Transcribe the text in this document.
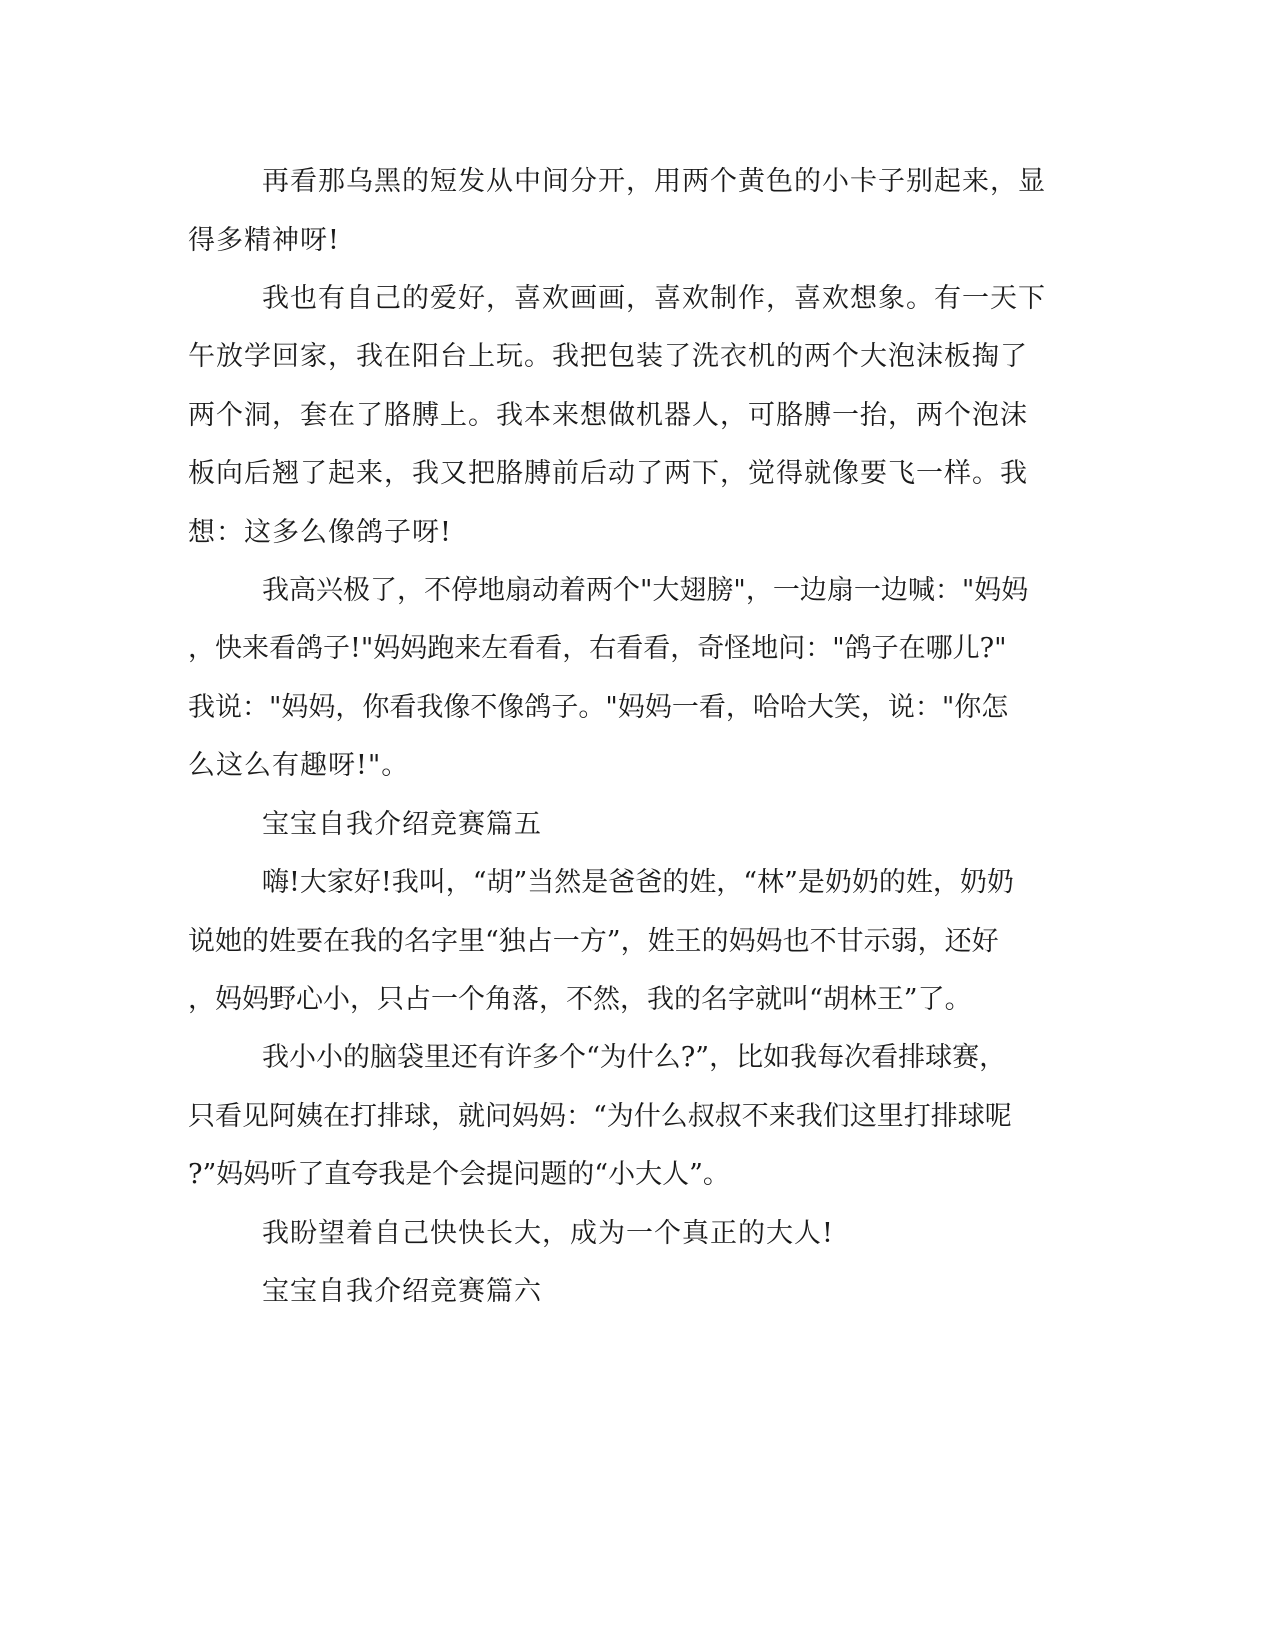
再看那乌黑的短发从中间分开，用两个黄色的小卡子别起来，显
得多精神呀!
我也有自己的爱好，喜欢画画，喜欢制作，喜欢想象。有一天下
午放学回家，我在阳台上玩。我把包装了洗衣机的两个大泡沫板掏了
两个洞，套在了胳膊上。我本来想做机器人，可胳膊一抬，两个泡沫
板向后翘了起来，我又把胳膊前后动了两下，觉得就像要飞一样。我
想：这多么像鸽子呀!
我高兴极了，不停地扇动着两个"大翅膀"，一边扇一边喊："妈妈
，快来看鸽子!"妈妈跑来左看看，右看看，奇怪地问："鸽子在哪儿?"
我说："妈妈，你看我像不像鸽子。"妈妈一看，哈哈大笑，说："你怎
么这么有趣呀!"。
宝宝自我介绍竞赛篇五
嗨!大家好!我叫，“胡”当然是爸爸的姓，“林”是奶奶的姓，奶奶
说她的姓要在我的名字里“独占一方”，姓王的妈妈也不甘示弱，还好
，妈妈野心小，只占一个角落，不然，我的名字就叫“胡林王”了。
我小小的脑袋里还有许多个“为什么?”，比如我每次看排球赛，
只看见阿姨在打排球，就问妈妈：“为什么叔叔不来我们这里打排球呢
?”妈妈听了直夸我是个会提问题的“小大人”。
我盼望着自己快快长大，成为一个真正的大人!
宝宝自我介绍竞赛篇六
